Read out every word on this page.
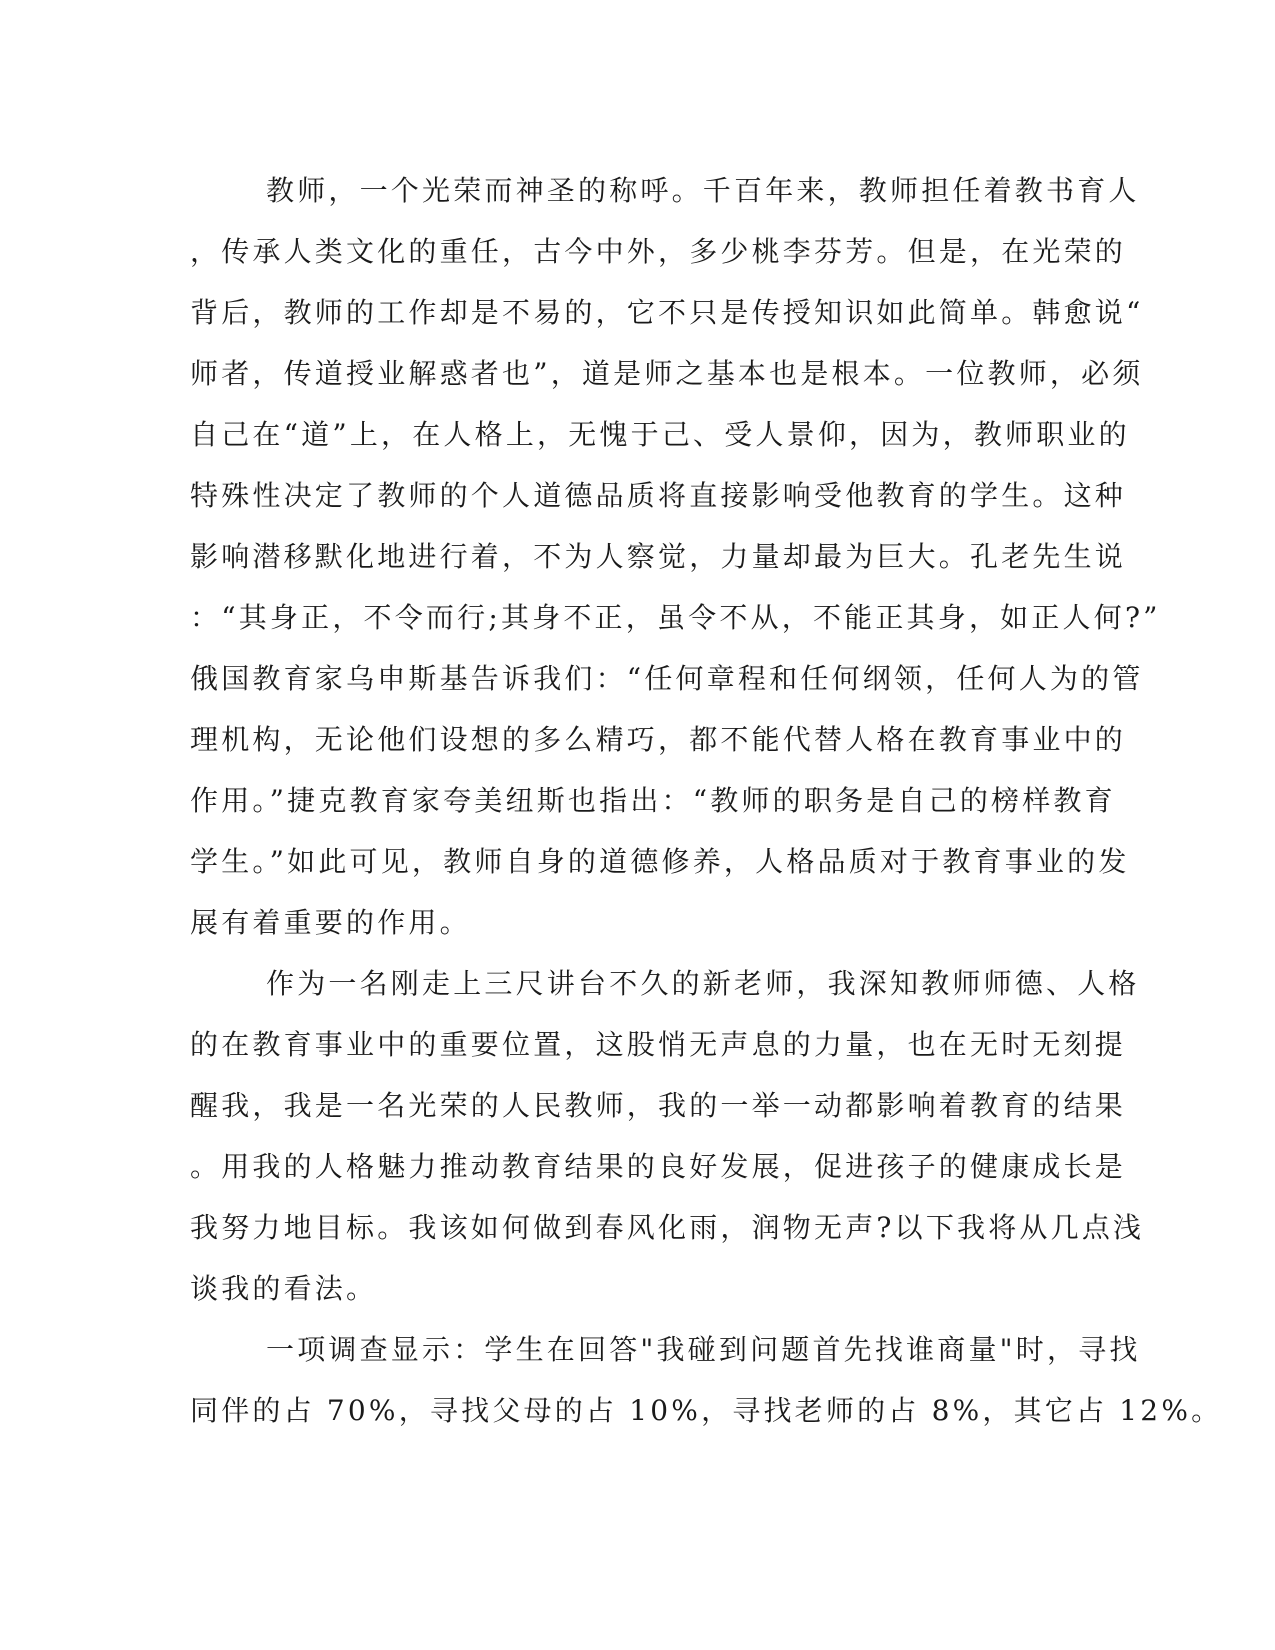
教师，一个光荣而神圣的称呼。千百年来，教师担任着教书育人
，传承人类文化的重任，古今中外，多少桃李芬芳。但是，在光荣的
背后，教师的工作却是不易的，它不只是传授知识如此简单。韩愈说“
师者，传道授业解惑者也”，道是师之基本也是根本。一位教师，必须
自己在“道”上，在人格上，无愧于己、受人景仰，因为，教师职业的
特殊性决定了教师的个人道德品质将直接影响受他教育的学生。这种
影响潜移默化地进行着，不为人察觉，力量却最为巨大。孔老先生说
：“其身正，不令而行;其身不正，虽令不从，不能正其身，如正人何?”
俄国教育家乌申斯基告诉我们：“任何章程和任何纲领，任何人为的管
理机构，无论他们设想的多么精巧，都不能代替人格在教育事业中的
作用。”捷克教育家夸美纽斯也指出：“教师的职务是自己的榜样教育
学生。”如此可见，教师自身的道德修养，人格品质对于教育事业的发
展有着重要的作用。
作为一名刚走上三尺讲台不久的新老师，我深知教师师德、人格
的在教育事业中的重要位置，这股悄无声息的力量，也在无时无刻提
醒我，我是一名光荣的人民教师，我的一举一动都影响着教育的结果
。用我的人格魅力推动教育结果的良好发展，促进孩子的健康成长是
我努力地目标。我该如何做到春风化雨，润物无声?以下我将从几点浅
谈我的看法。
一项调查显示：学生在回答"我碰到问题首先找谁商量"时，寻找
同伴的占 70%，寻找父母的占 10%，寻找老师的占 8%，其它占 12%。
